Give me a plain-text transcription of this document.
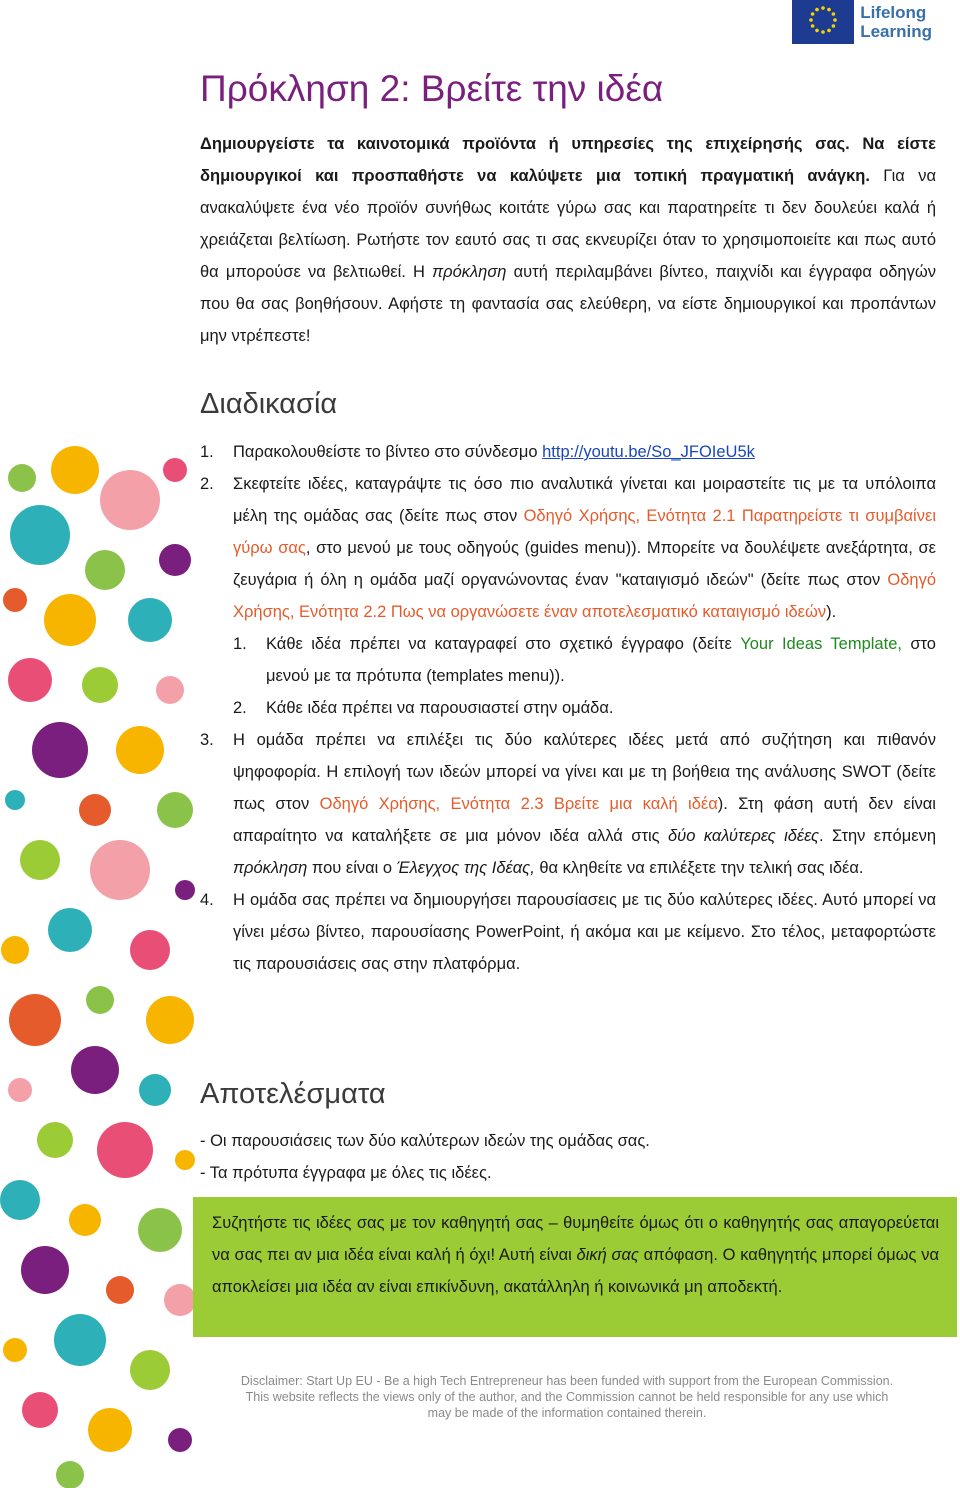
Lifelong
Learning
Πρόκληση 2: Βρείτε την ιδέα
Δημιουργείστε τα καινοτομικά προϊόντα ή υπηρεσίες της επιχείρησής σας. Να είστε δημιουργικοί και προσπαθήστε να καλύψετε μια τοπική πραγματική ανάγκη. Για να ανακαλύψετε ένα νέο προϊόν συνήθως κοιτάτε γύρω σας και παρατηρείτε τι δεν δουλεύει καλά ή χρειάζεται βελτίωση. Ρωτήστε τον εαυτό σας τι σας εκνευρίζει όταν το χρησιμοποιείτε και πως αυτό θα μπορούσε να βελτιωθεί. Η πρόκληση αυτή περιλαμβάνει βίντεο, παιχνίδι και έγγραφα οδηγών που θα σας βοηθήσουν. Αφήστε τη φαντασία σας ελεύθερη, να είστε δημιουργικοί και προπάντων μην ντρέπεστε!
Διαδικασία
1.	Παρακολουθείστε το βίντεο στο σύνδεσμο http://youtu.be/So_JFOIeU5k
2.	Σκεφτείτε ιδέες, καταγράψτε τις όσο πιο αναλυτικά γίνεται και μοιραστείτε τις με τα υπόλοιπα μέλη της ομάδας σας (δείτε πως στον Οδηγό Χρήσης, Ενότητα 2.1 Παρατηρείστε τι συμβαίνει γύρω σας, στο μενού με τους οδηγούς (guides menu)). Μπορείτε να δουλέψετε ανεξάρτητα, σε ζευγάρια ή όλη η ομάδα μαζί οργανώνοντας έναν "καταιγισμό ιδεών" (δείτε πως στον Οδηγό Χρήσης, Ενότητα 2.2 Πως να οργανώσετε έναν αποτελεσματικό καταιγισμό ιδεών).
1.	Κάθε ιδέα πρέπει να καταγραφεί στο σχετικό έγγραφο (δείτε Your Ideas Template, στο μενού με τα πρότυπα (templates menu)).
2.	Κάθε ιδέα πρέπει να παρουσιαστεί στην ομάδα.
3.	Η ομάδα πρέπει να επιλέξει τις δύο καλύτερες ιδέες μετά από συζήτηση και πιθανόν ψηφοφορία. Η επιλογή των ιδεών μπορεί να γίνει και με τη βοήθεια της ανάλυσης SWOT (δείτε πως στον Οδηγό Χρήσης, Ενότητα 2.3 Βρείτε μια καλή ιδέα). Στη φάση αυτή δεν είναι απαραίτητο να καταλήξετε σε μια μόνον ιδέα αλλά στις δύο καλύτερες ιδέες. Στην επόμενη πρόκληση που είναι ο Έλεγχος της Ιδέας, θα κληθείτε να επιλέξετε την τελική σας ιδέα.
4.	Η ομάδα σας πρέπει να δημιουργήσει παρουσίασεις με τις δύο καλύτερες ιδέες. Αυτό μπορεί να γίνει μέσω βίντεο, παρουσίασης PowerPoint, ή ακόμα και με κείμενο. Στο τέλος, μεταφορτώστε τις παρουσιάσεις σας στην πλατφόρμα.
Αποτελέσματα
- Οι παρουσιάσεις των δύο καλύτερων ιδεών της ομάδας σας.
- Τα πρότυπα έγγραφα με όλες τις ιδέες.
Συζητήστε τις ιδέες σας με τον καθηγητή σας – θυμηθείτε όμως ότι ο καθηγητής σας απαγορεύεται να σας πει αν μια ιδέα είναι καλή ή όχι! Αυτή είναι δική σας απόφαση. Ο καθηγητής μπορεί όμως να αποκλείσει μια ιδέα αν είναι επικίνδυνη, ακατάλληλη ή κοινωνικά μη αποδεκτή.
Disclaimer: Start Up EU - Be a high Tech Entrepreneur has been funded with support from the European Commission.
This website reflects the views only of the author, and the Commission cannot be held responsible for any use which
may be made of the information contained therein.
